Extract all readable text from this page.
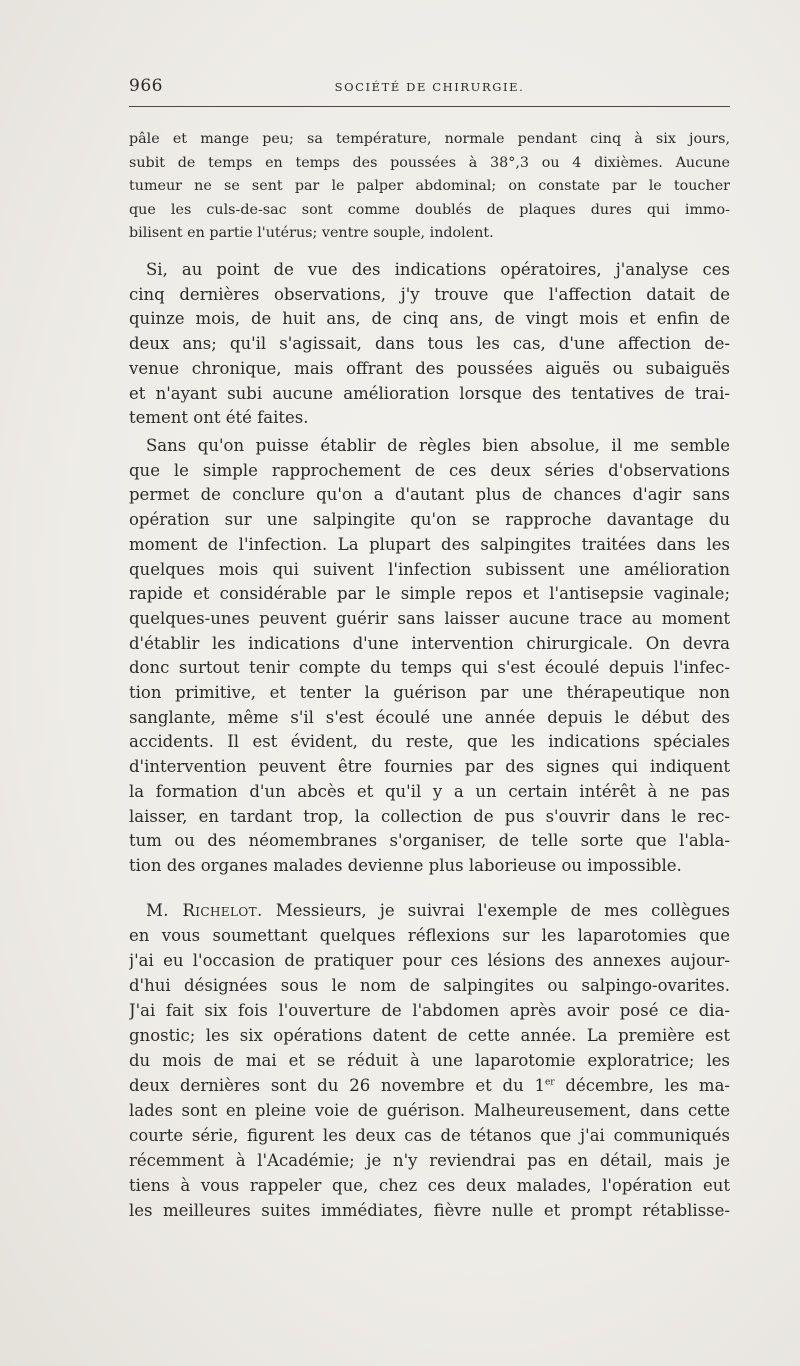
966	SOCIÉTÉ DE CHIRURGIE.
pâle et mange peu; sa température, normale pendant cinq à six jours,
subit de temps en temps des poussées à 38°,3 ou 4 dixièmes. Aucune
tumeur ne se sent par le palper abdominal; on constate par le toucher
que les culs-de-sac sont comme doublés de plaques dures qui immo-
bilisent en partie l'utérus; ventre souple, indolent.
Si, au point de vue des indications opératoires, j'analyse ces
cinq dernières observations, j'y trouve que l'affection datait de
quinze mois, de huit ans, de cinq ans, de vingt mois et enfin de
deux ans; qu'il s'agissait, dans tous les cas, d'une affection de-
venue chronique, mais offrant des poussées aiguës ou subaiguës
et n'ayant subi aucune amélioration lorsque des tentatives de trai-
tement ont été faites.
Sans qu'on puisse établir de règles bien absolue, il me semble
que le simple rapprochement de ces deux séries d'observations
permet de conclure qu'on a d'autant plus de chances d'agir sans
opération sur une salpingite qu'on se rapproche davantage du
moment de l'infection. La plupart des salpingites traitées dans les
quelques mois qui suivent l'infection subissent une amélioration
rapide et considérable par le simple repos et l'antisepsie vaginale;
quelques-unes peuvent guérir sans laisser aucune trace au moment
d'établir les indications d'une intervention chirurgicale. On devra
donc surtout tenir compte du temps qui s'est écoulé depuis l'infec-
tion primitive, et tenter la guérison par une thérapeutique non
sanglante, même s'il s'est écoulé une année depuis le début des
accidents. Il est évident, du reste, que les indications spéciales
d'intervention peuvent être fournies par des signes qui indiquent
la formation d'un abcès et qu'il y a un certain intérêt à ne pas
laisser, en tardant trop, la collection de pus s'ouvrir dans le rec-
tum ou des néomembranes s'organiser, de telle sorte que l'abla-
tion des organes malades devienne plus laborieuse ou impossible.
M. Richelot. Messieurs, je suivrai l'exemple de mes collègues
en vous soumettant quelques réflexions sur les laparotomies que
j'ai eu l'occasion de pratiquer pour ces lésions des annexes aujour-
d'hui désignées sous le nom de salpingites ou salpingo-ovarites.
J'ai fait six fois l'ouverture de l'abdomen après avoir posé ce dia-
gnostic; les six opérations datent de cette année. La première est
du mois de mai et se réduit à une laparotomie exploratrice; les
deux dernières sont du 26 novembre et du 1er décembre, les ma-
lades sont en pleine voie de guérison. Malheureusement, dans cette
courte série, figurent les deux cas de tétanos que j'ai communiqués
récemment à l'Académie; je n'y reviendrai pas en détail, mais je
tiens à vous rappeler que, chez ces deux malades, l'opération eut
les meilleures suites immédiates, fièvre nulle et prompt rétablisse-
